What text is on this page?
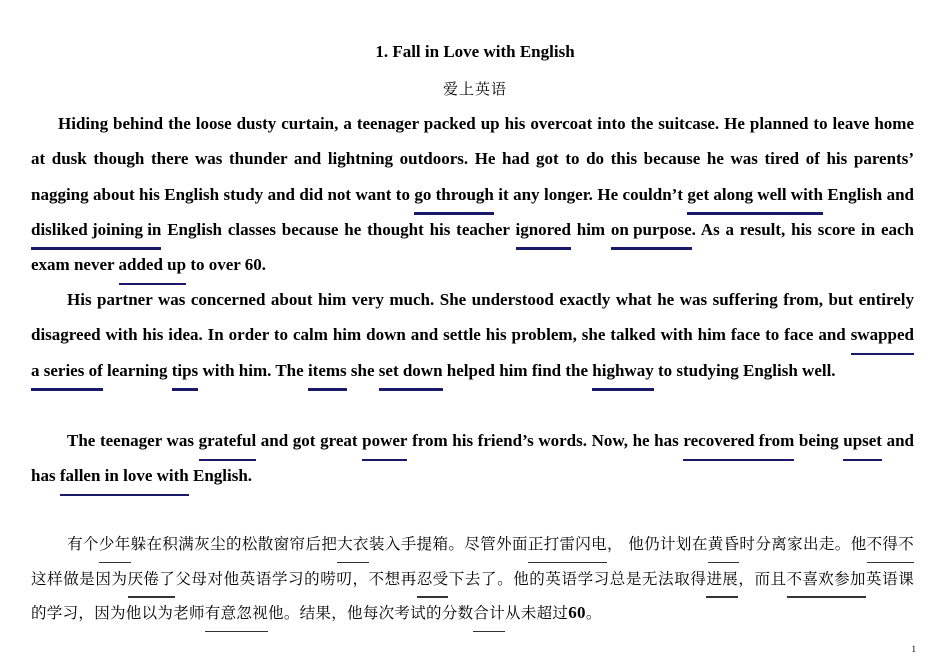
1. Fall in Love with English
爱上英语

Hiding behind the loose dusty curtain, a teenager packed up his overcoat into the suitcase. He planned to leave home at dusk though there was thunder and lightning outdoors. He had got to do this because he was tired of his parents’ nagging about his English study and did not want to go through it any longer. He couldn’t get along well with English and disliked joining in English classes because he thought his teacher ignored him on purpose. As a result, his score in each exam never added up to over 60.

His partner was concerned about him very much. She understood exactly what he was suffering from, but entirely disagreed with his idea. In order to calm him down and settle his problem, she talked with him face to face and swapped a series of learning tips with him. The items she set down helped him find the highway to studying English well.

The teenager was grateful and got great power from his friend’s words. Now, he has recovered from being upset and has fallen in love with English.

有个少年躲在积满灰尘的松散窗帘后把大衣装入手提箱。尽管外面正打雷闪电， 他仍计划在黄昏时分离家出走。他不得不这样做是因为厌倦了父母对他英语学习的唠叨，不想再忍受下去了。他的英语学习总是无法取得进展，而且不喜欢参加英语课的学习，因为他以为老师有意忽视他。结果，他每次考试的分数合计从未超过60。

1
